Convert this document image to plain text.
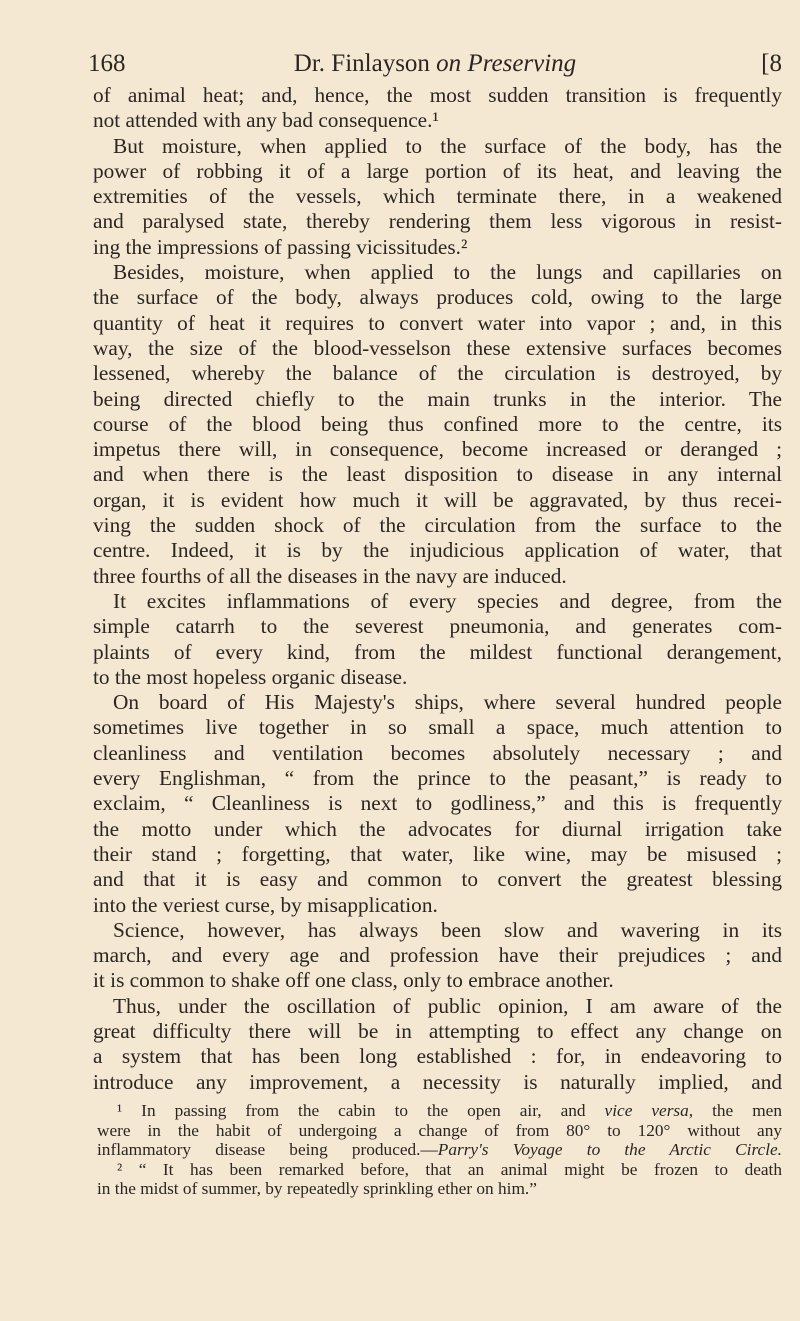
168	Dr. Finlayson on Preserving	[8
of animal heat; and, hence, the most sudden transition is frequently
not attended with any bad consequence.¹
But moisture, when applied to the surface of the body, has the
power of robbing it of a large portion of its heat, and leaving the
extremities of the vessels, which terminate there, in a weakened
and paralysed state, thereby rendering them less vigorous in resist-
ing the impressions of passing vicissitudes.²
Besides, moisture, when applied to the lungs and capillaries on
the surface of the body, always produces cold, owing to the large
quantity of heat it requires to convert water into vapor ; and, in this
way, the size of the blood-vesselson these extensive surfaces becomes
lessened, whereby the balance of the circulation is destroyed, by
being directed chiefly to the main trunks in the interior. The
course of the blood being thus confined more to the centre, its
impetus there will, in consequence, become increased or deranged ;
and when there is the least disposition to disease in any internal
organ, it is evident how much it will be aggravated, by thus recei-
ving the sudden shock of the circulation from the surface to the
centre. Indeed, it is by the injudicious application of water, that
three fourths of all the diseases in the navy are induced.
It excites inflammations of every species and degree, from the
simple catarrh to the severest pneumonia, and generates com-
plaints of every kind, from the mildest functional derangement,
to the most hopeless organic disease.
On board of His Majesty's ships, where several hundred people
sometimes live together in so small a space, much attention to
cleanliness and ventilation becomes absolutely necessary ; and
every Englishman, “ from the prince to the peasant,” is ready to
exclaim, “ Cleanliness is next to godliness,” and this is frequently
the motto under which the advocates for diurnal irrigation take
their stand ; forgetting, that water, like wine, may be misused ;
and that it is easy and common to convert the greatest blessing
into the veriest curse, by misapplication.
Science, however, has always been slow and wavering in its
march, and every age and profession have their prejudices ; and
it is common to shake off one class, only to embrace another.
Thus, under the oscillation of public opinion, I am aware of the
great difficulty there will be in attempting to effect any change on
a system that has been long established : for, in endeavoring to
introduce any improvement, a necessity is naturally implied, and
¹ In passing from the cabin to the open air, and vice versa, the men
were in the habit of undergoing a change of from 80° to 120° without any
inflammatory disease being produced.—Parry's Voyage to the Arctic Circle.
² “ It has been remarked before, that an animal might be frozen to death
in the midst of summer, by repeatedly sprinkling ether on him.”
